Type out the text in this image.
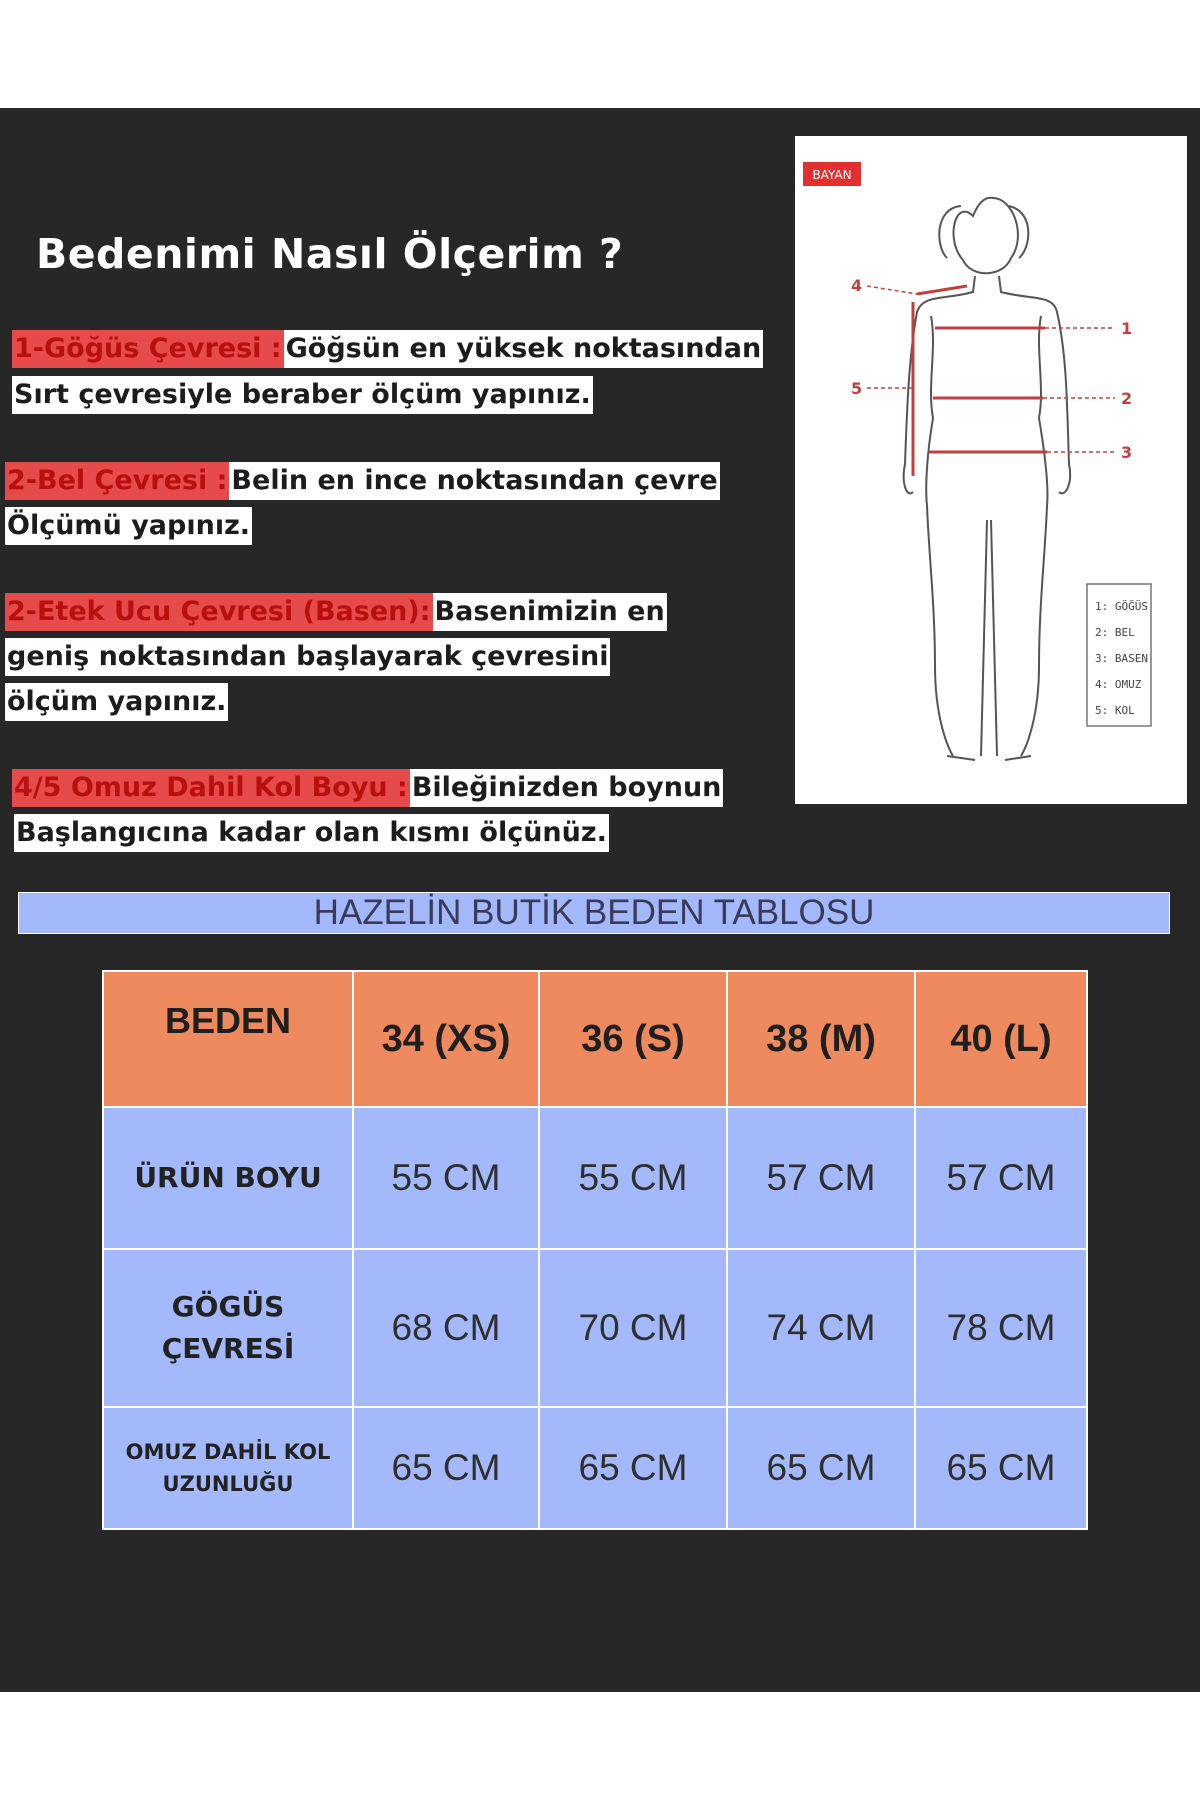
Bedenimi Nasıl Ölçerim ?
1-Göğüs Çevresi : Göğsün en yüksek noktasından
Sırt çevresiyle beraber ölçüm yapınız.
2-Bel Çevresi : Belin en ince noktasından çevre
Ölçümü yapınız.
2-Etek Ucu Çevresi (Basen): Basenimizin en
geniş noktasından başlayarak çevresini
ölçüm yapınız.
4/5 Omuz Dahil Kol Boyu : Bileğinizden boynun
Başlangıcına kadar olan kısmı ölçünüz.
BAYAN
1
2
3
4
5
1: GÖĞÜS
2: BEL
3: BASEN
4: OMUZ
5: KOL
HAZELİN BUTİK BEDEN TABLOSU
BEDEN	34 (XS)	36 (S)	38 (M)	40 (L)

ÜRÜN BOYU	55 CM	55 CM	57 CM	57 CM

GÖGÜS
ÇEVRESİ	68 CM	70 CM	74 CM	78 CM

OMUZ DAHİL KOL
UZUNLUĞU	65 CM	65 CM	65 CM	65 CM
